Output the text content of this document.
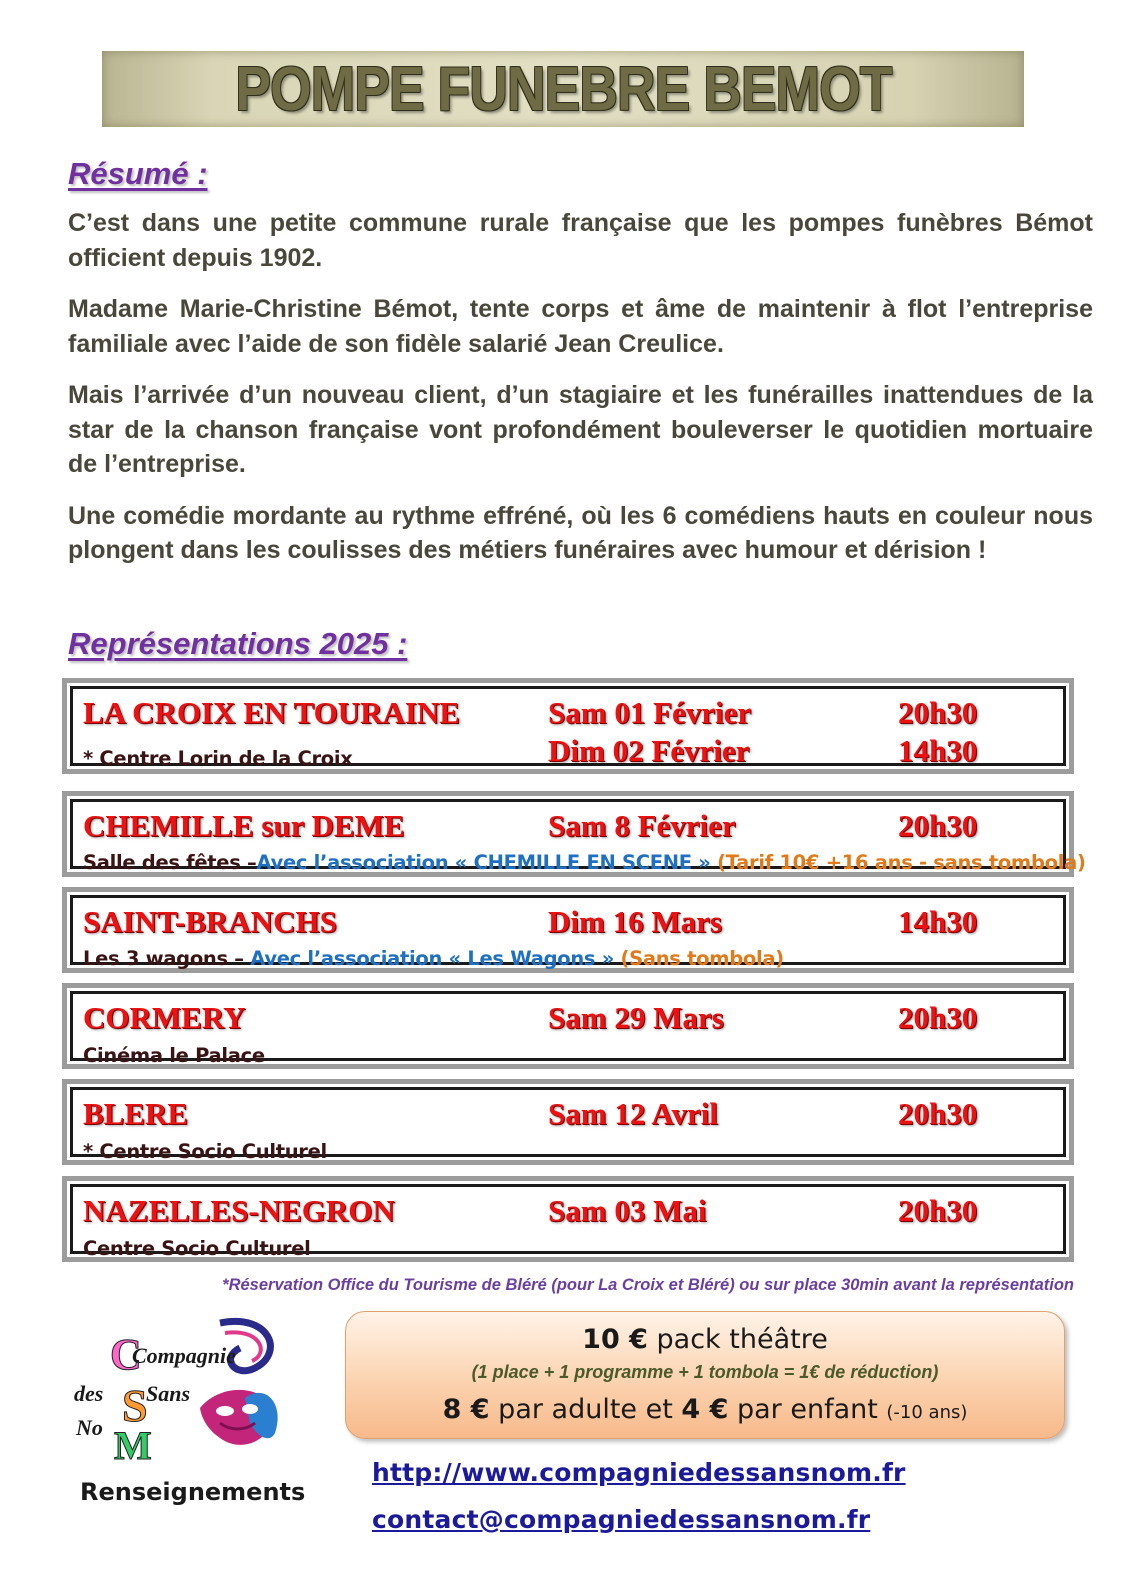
POMPE FUNEBRE BEMOT
Résumé :

C’est dans une petite commune rurale française que les pompes funèbres Bémot officient depuis 1902.

Madame Marie-Christine Bémot, tente corps et âme de maintenir à flot l’entreprise familiale avec l’aide de son fidèle salarié Jean Creulice.

Mais l’arrivée d’un nouveau client, d’un stagiaire et les funérailles inattendues de la star de la chanson française vont profondément bouleverser le quotidien mortuaire de l’entreprise.

Une comédie mordante au rythme effréné, où les 6 comédiens hauts en couleur nous plongent dans les coulisses des métiers funéraires avec humour et dérision !

Représentations 2025 :
LA CROIX EN TOURAINE	Sam 01 Février	20h30
Dim 02 Février	14h30
* Centre Lorin de la Croix
CHEMILLE sur DEME	Sam 8 Février	20h30
Salle des fêtes –Avec l’association « CHEMILLE EN SCENE » (Tarif 10€ +16 ans - sans tombola)
SAINT-BRANCHS	Dim 16 Mars	14h30
Les 3 wagons – Avec l’association « Les Wagons » (Sans tombola)
CORMERY	Sam 29 Mars	20h30
Cinéma le Palace
BLERE	Sam 12 Avril	20h30
* Centre Socio Culturel
NAZELLES-NEGRON	Sam 03 Mai	20h30
Centre Socio Culturel
*Réservation Office du Tourisme de Bléré (pour La Croix et Bléré) ou sur place 30min avant la représentation
C
S
M
Compagnie
des Sans
No
Renseignements
10 € pack théâtre
(1 place + 1 programme + 1 tombola = 1€ de réduction)
8 € par adulte et 4 € par enfant (-10 ans)
http://www.compagniedessansnom.fr
contact@compagniedessansnom.fr
